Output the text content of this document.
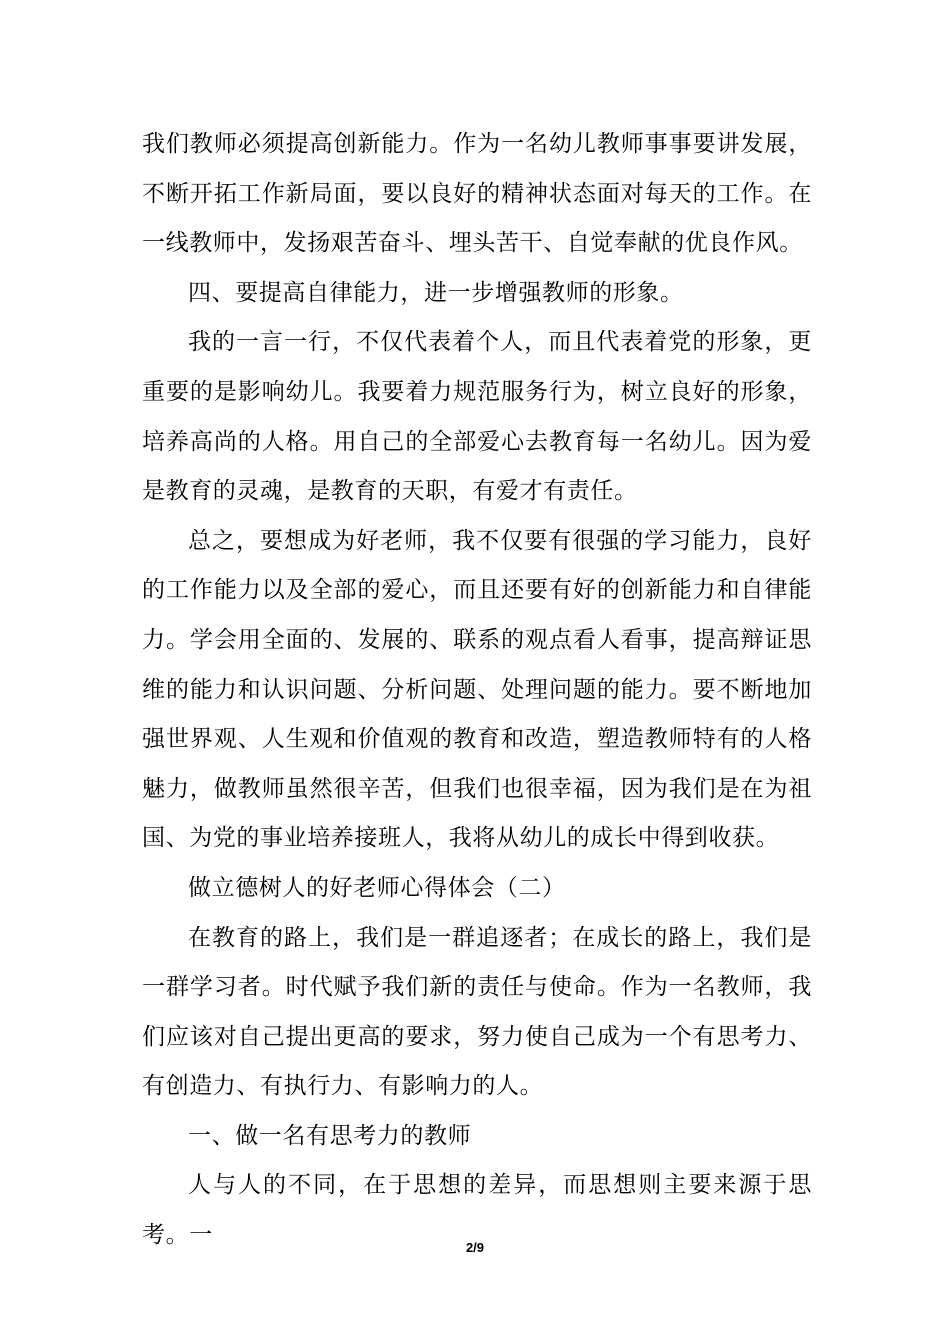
我们教师必须提高创新能力。作为一名幼儿教师事事要讲发展，不断开拓工作新局面，要以良好的精神状态面对每天的工作。在一线教师中，发扬艰苦奋斗、埋头苦干、自觉奉献的优良作风。

四、要提高自律能力，进一步增强教师的形象。

我的一言一行，不仅代表着个人，而且代表着党的形象，更重要的是影响幼儿。我要着力规范服务行为，树立良好的形象，培养高尚的人格。用自己的全部爱心去教育每一名幼儿。因为爱是教育的灵魂，是教育的天职，有爱才有责任。

总之，要想成为好老师，我不仅要有很强的学习能力，良好的工作能力以及全部的爱心，而且还要有好的创新能力和自律能力。学会用全面的、发展的、联系的观点看人看事，提高辩证思维的能力和认识问题、分析问题、处理问题的能力。要不断地加强世界观、人生观和价值观的教育和改造，塑造教师特有的人格魅力，做教师虽然很辛苦，但我们也很幸福，因为我们是在为祖国、为党的事业培养接班人，我将从幼儿的成长中得到收获。

做立德树人的好老师心得体会（二）

在教育的路上，我们是一群追逐者；在成长的路上，我们是一群学习者。时代赋予我们新的责任与使命。作为一名教师，我们应该对自己提出更高的要求，努力使自己成为一个有思考力、有创造力、有执行力、有影响力的人。

一、做一名有思考力的教师

人与人的不同，在于思想的差异，而思想则主要来源于思考。一	2/9
